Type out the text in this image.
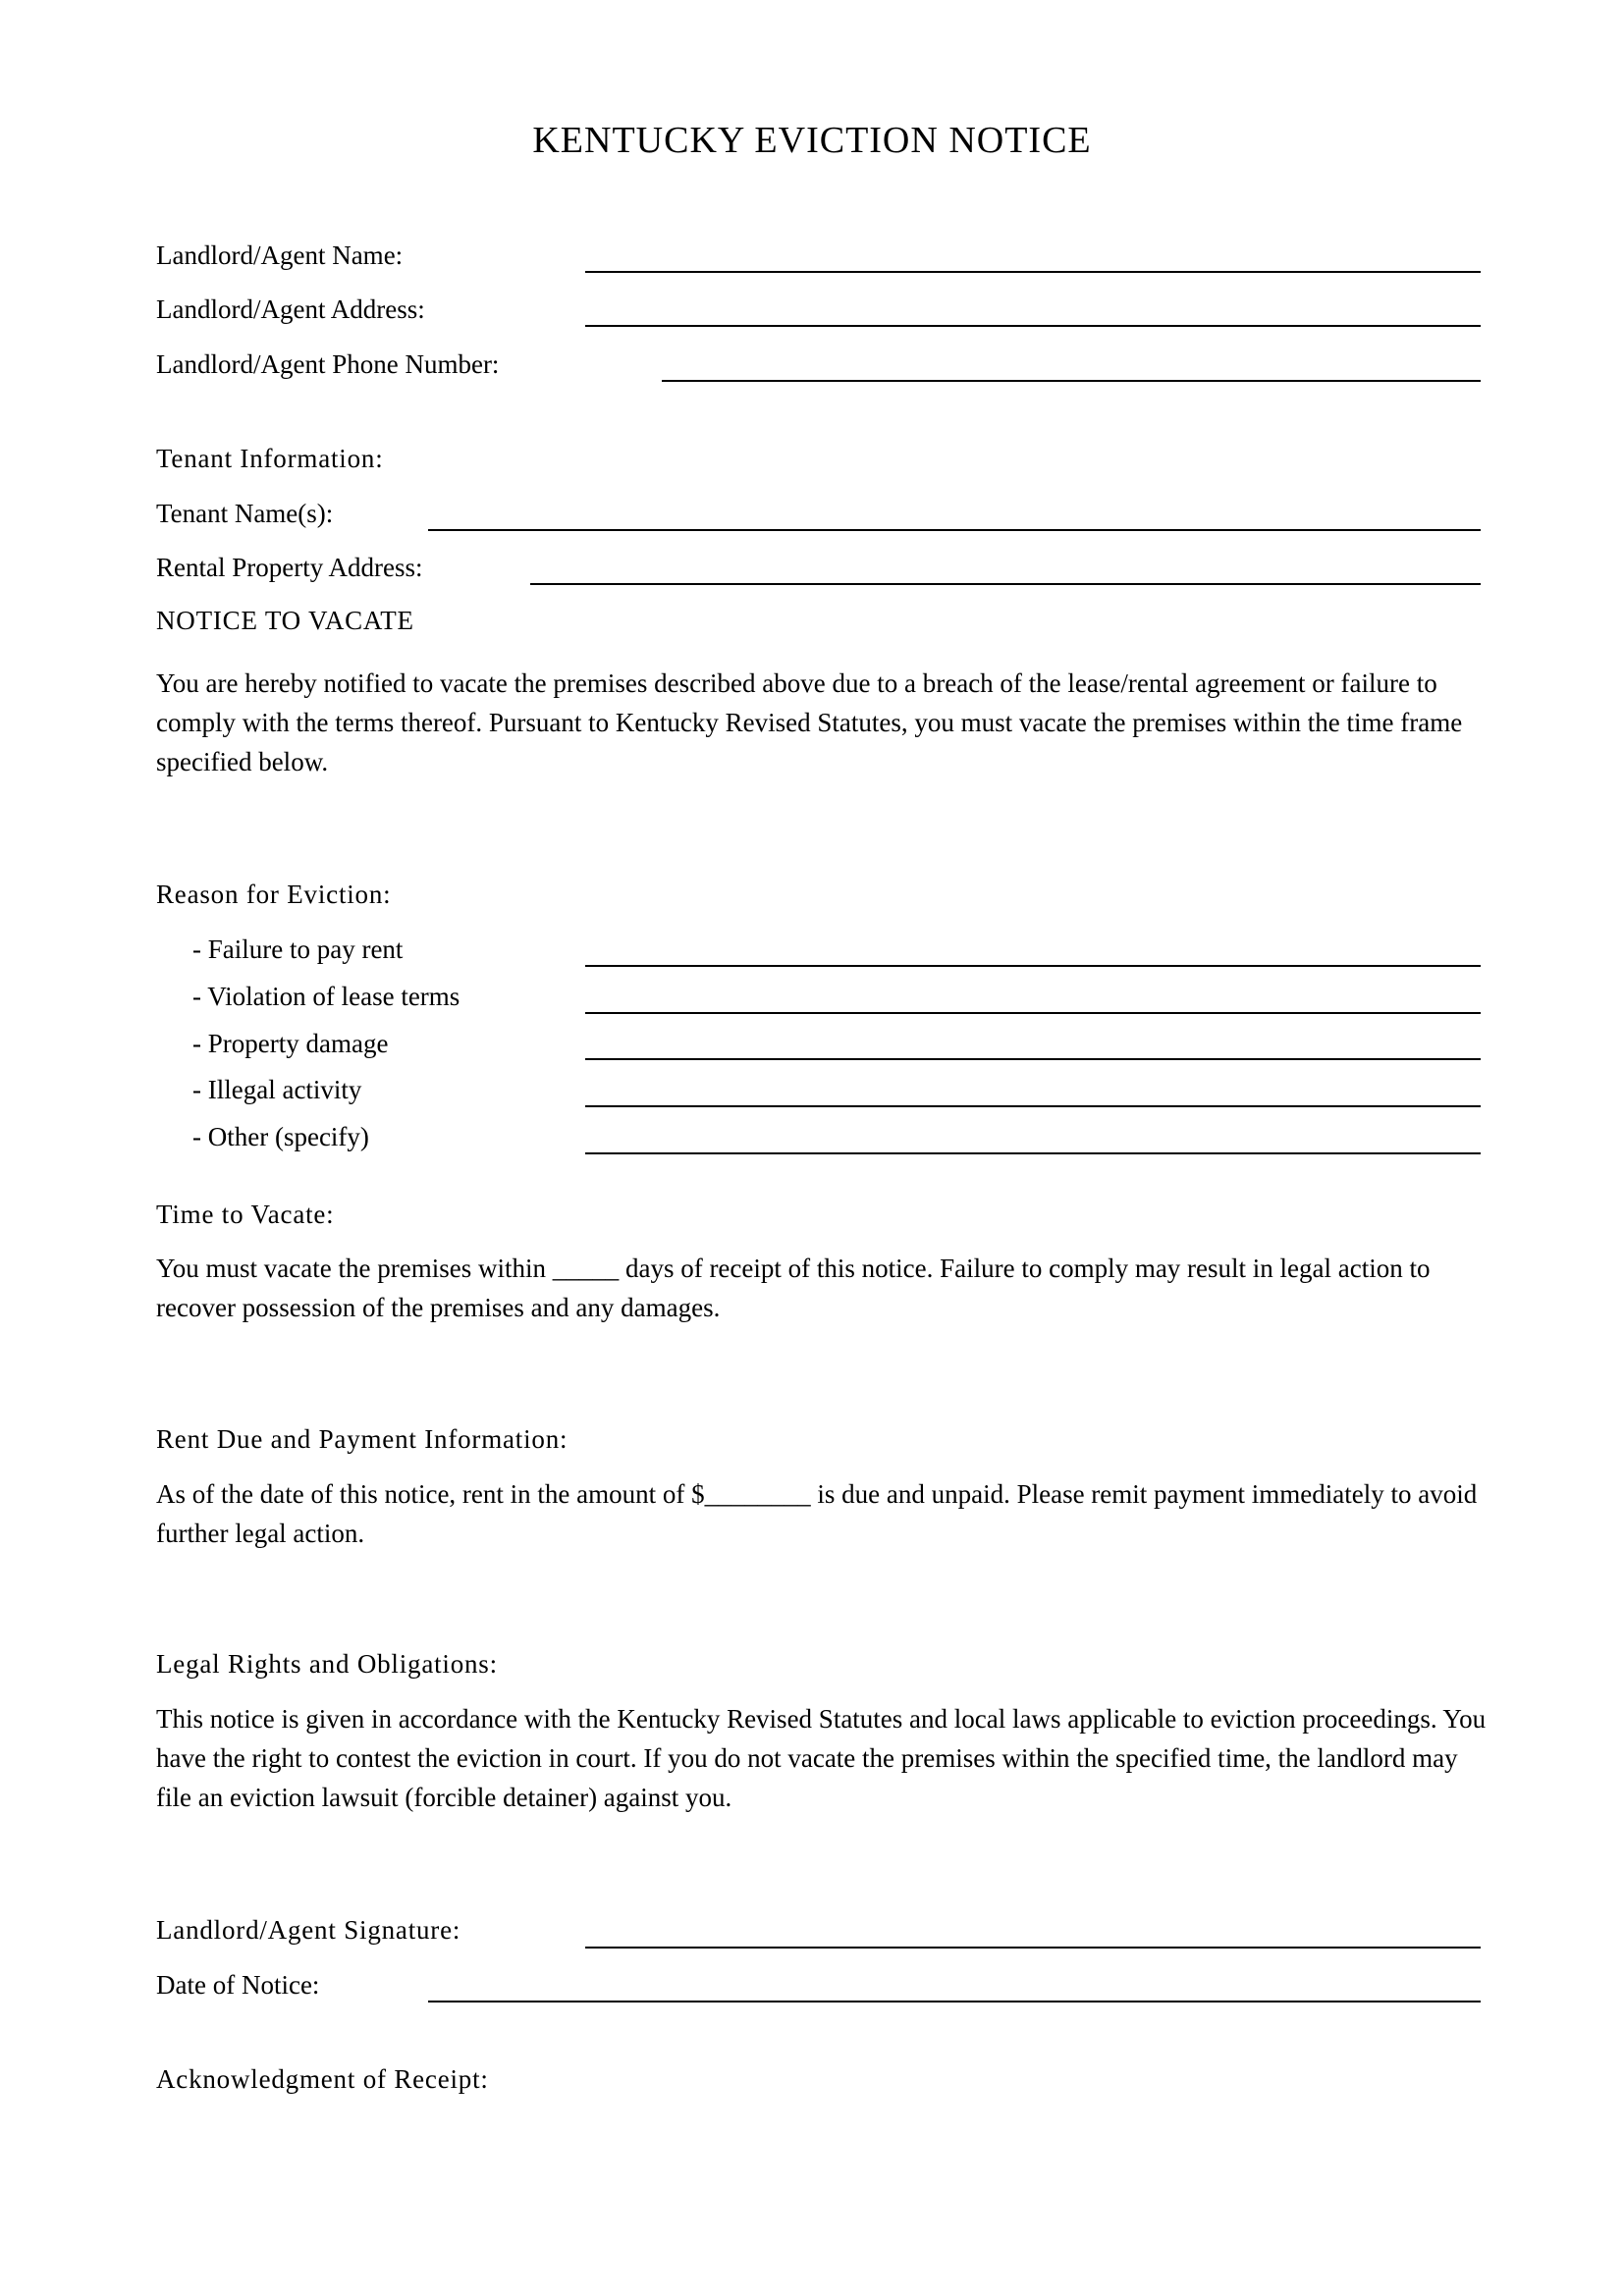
KENTUCKY EVICTION NOTICE
Landlord/Agent Name:
Landlord/Agent Address:
Landlord/Agent Phone Number:
Tenant Information:
Tenant Name(s):
Rental Property Address:
NOTICE TO VACATE
You are hereby notified to vacate the premises described above due to a breach of the lease/rental agreement or failure to comply with the terms thereof. Pursuant to Kentucky Revised Statutes, you must vacate the premises within the time frame specified below.
Reason for Eviction:
- Failure to pay rent
- Violation of lease terms
- Property damage
- Illegal activity
- Other (specify)
Time to Vacate:
You must vacate the premises within _____ days of receipt of this notice. Failure to comply may result in legal action to recover possession of the premises and any damages.
Rent Due and Payment Information:
As of the date of this notice, rent in the amount of $________ is due and unpaid. Please remit payment immediately to avoid further legal action.
Legal Rights and Obligations:
This notice is given in accordance with the Kentucky Revised Statutes and local laws applicable to eviction proceedings. You have the right to contest the eviction in court. If you do not vacate the premises within the specified time, the landlord may file an eviction lawsuit (forcible detainer) against you.
Landlord/Agent Signature:
Date of Notice:
Acknowledgment of Receipt:
